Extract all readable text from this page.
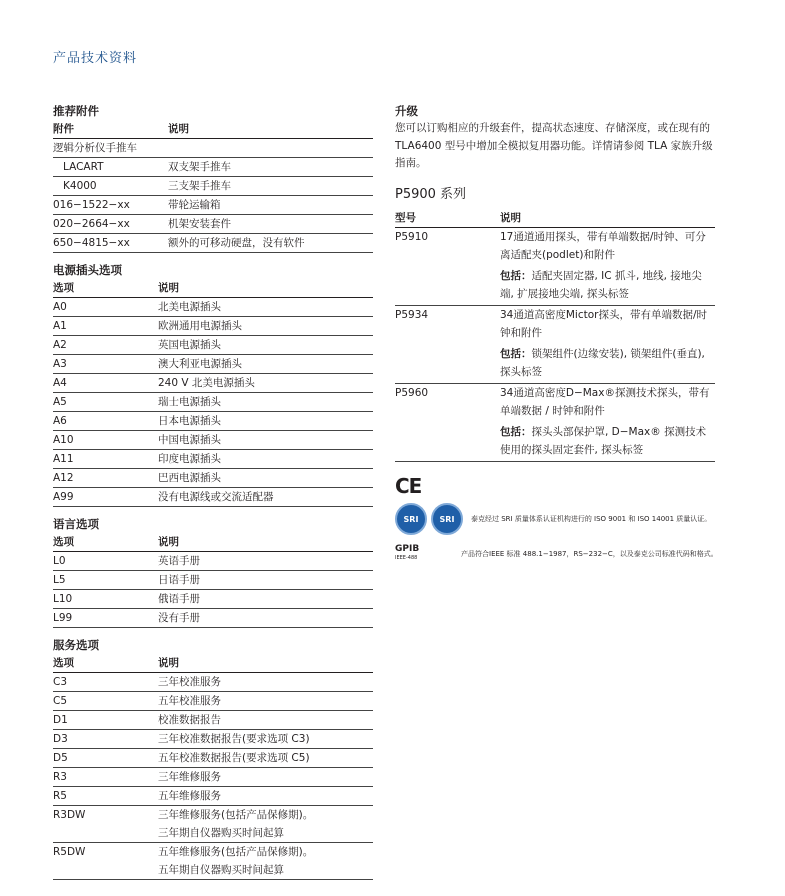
产品技术资料
推荐附件
附件	说明
逻辑分析仪手推车	
LACART	双支架手推车
K4000	三支架手推车
016−1522−xx	带轮运输箱
020−2664−xx	机架安装套件
650−4815−xx	额外的可移动硬盘，没有软件
电源插头选项
选项	说明
A0	北美电源插头
A1	欧洲通用电源插头
A2	英国电源插头
A3	澳大利亚电源插头
A4	240 V 北美电源插头
A5	瑞士电源插头
A6	日本电源插头
A10	中国电源插头
A11	印度电源插头
A12	巴西电源插头
A99	没有电源线或交流适配器
语言选项
选项	说明
L0	英语手册
L5	日语手册
L10	俄语手册
L99	没有手册
服务选项
选项	说明
C3	三年校准服务
C5	五年校准服务
D1	校准数据报告
D3	三年校准数据报告(要求选项 C3)
D5	五年校准数据报告(要求选项 C5)
R3	三年维修服务
R5	五年维修服务
R3DW	三年维修服务(包括产品保修期)。
三年期自仪器购买时间起算

R5DW	五年维修服务(包括产品保修期)。
五年期自仪器购买时间起算
升级
您可以订购相应的升级套件，提高状态速度、存储深度，或在现有的 TLA6400 型号中增加全模拟复用器功能。详情请参阅 TLA 家族升级指南。
P5900 系列
型号	说明
P5910	17通道通用探头，带有单端数据/时钟、可分离适配夹(podlet)和附件
包括：适配夹固定器, IC 抓斗, 地线, 接地尖端, 扩展接地尖端, 探头标签

P5934	34通道高密度Mictor探头，带有单端数据/时钟和附件
包括：锁架组件(边缘安装), 锁架组件(垂直), 探头标签

P5960	34通道高密度D−Max®探测技术探头，带有单端数据 / 时钟和附件
包括：探头头部保护罩, D−Max® 探测技术使用的探头固定套件, 探头标签
CE
SRI	SRI	泰克经过 SRI 质量体系认证机构进行的 ISO 9001 和 ISO 14001 质量认证。
GPIB
IEEE-488	产品符合IEEE 标准 488.1−1987，RS−232−C，以及泰克公司标准代码和格式。
